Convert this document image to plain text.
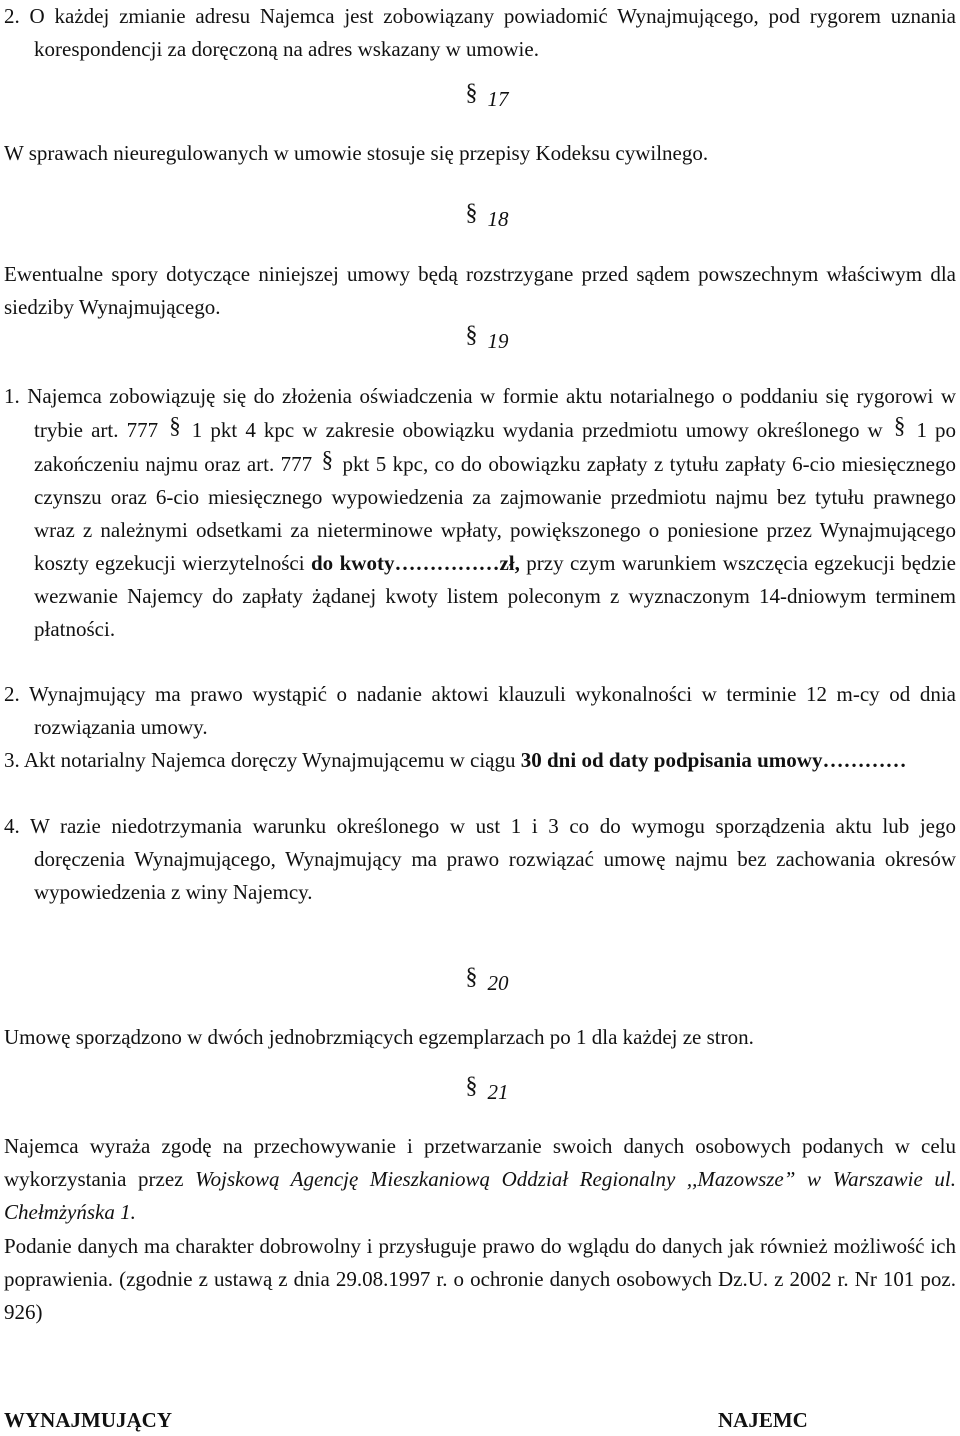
2. O każdej zmianie adresu Najemca jest zobowiązany powiadomić Wynajmującego, pod rygorem uznania korespondencji za doręczoną na adres wskazany w umowie.

§ 17

W sprawach nieuregulowanych w umowie stosuje się przepisy Kodeksu cywilnego.

§ 18

Ewentualne spory dotyczące niniejszej umowy będą rozstrzygane przed sądem powszechnym właściwym dla siedziby Wynajmującego.

§ 19

1. Najemca zobowiązuję się do złożenia oświadczenia w formie aktu notarialnego o poddaniu się rygorowi w trybie art. 777 § 1 pkt 4 kpc w zakresie obowiązku wydania przedmiotu umowy określonego w § 1 po zakończeniu najmu oraz art. 777 § pkt 5 kpc, co do obowiązku zapłaty z tytułu zapłaty 6-cio miesięcznego czynszu oraz 6-cio miesięcznego wypowiedzenia za zajmowanie przedmiotu najmu bez tytułu prawnego wraz z należnymi odsetkami za nieterminowe wpłaty, powiększonego o poniesione przez Wynajmującego koszty egzekucji wierzytelności do kwoty……………zł, przy czym warunkiem wszczęcia egzekucji będzie wezwanie Najemcy do zapłaty żądanej kwoty listem poleconym z wyznaczonym 14-dniowym terminem płatności.

2. Wynajmujący ma prawo wystąpić o nadanie aktowi klauzuli wykonalności w terminie 12 m-cy od dnia rozwiązania umowy.

3. Akt notarialny Najemca doręczy Wynajmującemu w ciągu 30 dni od daty podpisania umowy…………

4. W razie niedotrzymania warunku określonego w ust 1 i 3 co do wymogu sporządzenia aktu lub jego doręczenia Wynajmującego, Wynajmujący ma prawo rozwiązać umowę najmu bez zachowania okresów wypowiedzenia z winy Najemcy.

§ 20

Umowę sporządzono w dwóch jednobrzmiących egzemplarzach po 1 dla każdej ze stron.

§ 21

Najemca wyraża zgodę na przechowywanie i przetwarzanie swoich danych osobowych podanych w celu wykorzystania przez Wojskową Agencję Mieszkaniową Oddział Regionalny ,,Mazowsze” w Warszawie ul. Chełmżyńska 1.

Podanie danych ma charakter dobrowolny i przysługuje prawo do wglądu do danych jak również możliwość ich poprawienia. (zgodnie z ustawą z dnia 29.08.1997 r. o ochronie danych osobowych Dz.U. z 2002 r. Nr 101 poz. 926)

WYNAJMUJĄCY	NAJEMC
